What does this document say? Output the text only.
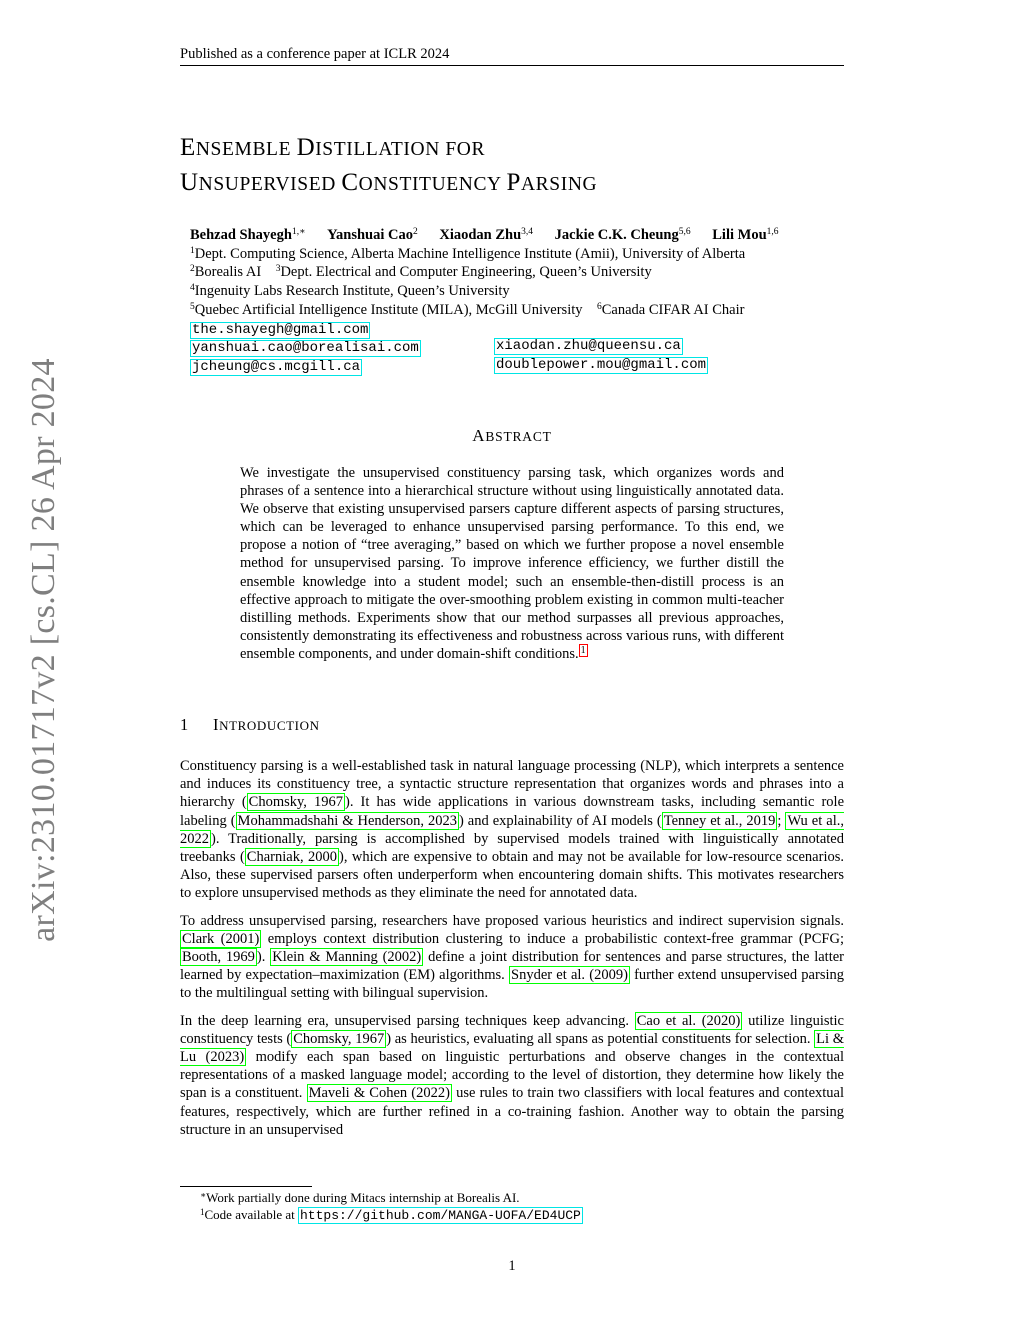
Published as a conference paper at ICLR 2024
arXiv:2310.01717v2 [cs.CL] 26 Apr 2024
ENSEMBLE DISTILLATION FOR
UNSUPERVISED CONSTITUENCY PARSING
Behzad Shayegh$^{1,∗}$ Yanshuai Cao$^2$ Xiaodan Zhu$^{3,4}$ Jackie C.K. Cheung$^{5,6}$ Lili Mou$^{1,6}$
$^1$Dept. Computing Science, Alberta Machine Intelligence Institute (Amii), University of Alberta
$^2$Borealis AI $^3$Dept. Electrical and Computer Engineering, Queen’s University
$^4$Ingenuity Labs Research Institute, Queen’s University
$^5$Quebec Artificial Intelligence Institute (MILA), McGill University $^6$Canada CIFAR AI Chair
the.shayegh@gmail.com
yanshuai.cao@borealisai.com	xiaodan.zhu@queensu.ca
jcheung@cs.mcgill.ca	doublepower.mou@gmail.com
ABSTRACT
We investigate the unsupervised constituency parsing task, which organizes words and phrases of a sentence into a hierarchical structure without using linguistically annotated data. We observe that existing unsupervised parsers capture different aspects of parsing structures, which can be leveraged to enhance unsupervised parsing performance. To this end, we propose a notion of “tree averaging,” based on which we further propose a novel ensemble method for unsupervised parsing. To improve inference efficiency, we further distill the ensemble knowledge into a student model; such an ensemble-then-distill process is an effective approach to mitigate the over-smoothing problem existing in common multi-teacher distilling methods. Experiments show that our method surpasses all previous approaches, consistently demonstrating its effectiveness and robustness across various runs, with different ensemble components, and under domain-shift conditions. $^1$
1 INTRODUCTION

Constituency parsing is a well-established task in natural language processing (NLP), which interprets a sentence and induces its constituency tree, a syntactic structure representation that organizes words and phrases into a hierarchy ( Chomsky, 1967 ). It has wide applications in various downstream tasks, including semantic role labeling ( Mohammadshahi & Henderson, 2023 ) and explainability of AI models ( Tenney et al., 2019 ; Wu et al., 2022 ). Traditionally, parsing is accomplished by supervised models trained with linguistically annotated treebanks ( Charniak, 2000 ), which are expensive to obtain and may not be available for low-resource scenarios. Also, these supervised parsers often underperform when encountering domain shifts. This motivates researchers to explore unsupervised methods as they eliminate the need for annotated data.

To address unsupervised parsing, researchers have proposed various heuristics and indirect supervision signals. Clark (2001) employs context distribution clustering to induce a probabilistic context-free grammar (PCFG; Booth, 1969 ). Klein & Manning (2002) define a joint distribution for sentences and parse structures, the latter learned by expectation–maximization (EM) algorithms. Snyder et al. (2009) further extend unsupervised parsing to the multilingual setting with bilingual supervision.

In the deep learning era, unsupervised parsing techniques keep advancing. Cao et al. (2020) utilize linguistic constituency tests ( Chomsky, 1967 ) as heuristics, evaluating all spans as potential constituents for selection. Li & Lu (2023) modify each span based on linguistic perturbations and observe changes in the contextual representations of a masked language model; according to the level of distortion, they determine how likely the span is a constituent. Maveli & Cohen (2022) use rules to train two classifiers with local features and contextual features, respectively, which are further refined in a co-training fashion. Another way to obtain the parsing structure in an unsupervised

∗Work partially done during Mitacs internship at Borealis AI.
$^1$Code available at https://github.com/MANGA-UOFA/ED4UCP
1
